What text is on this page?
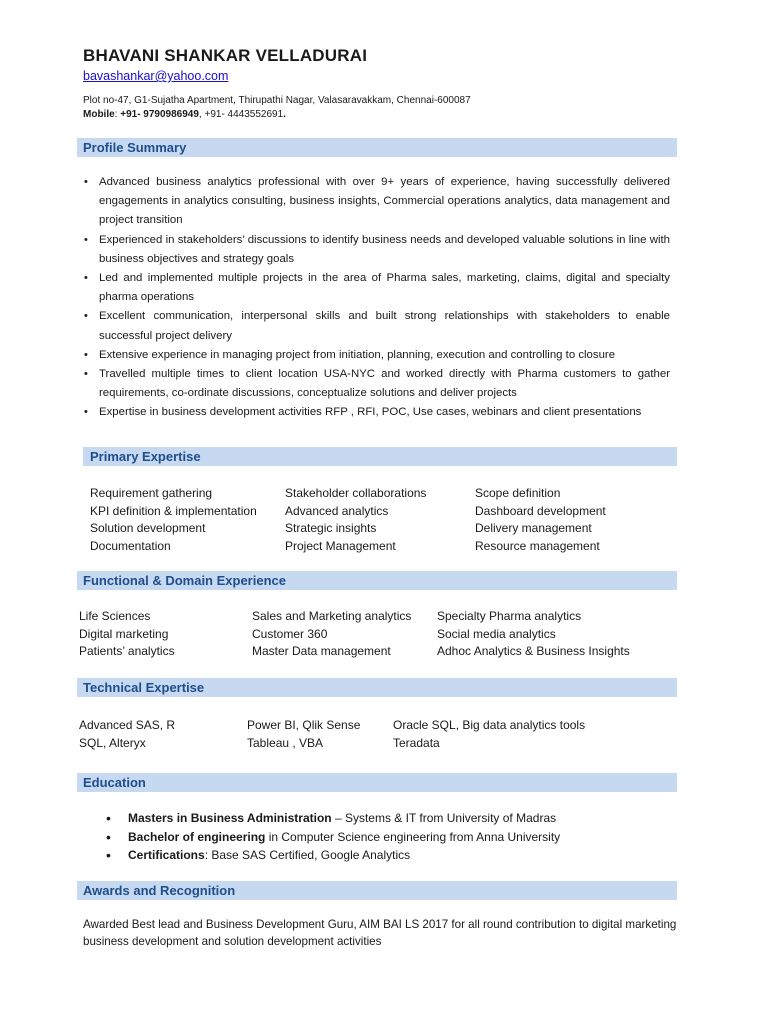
BHAVANI SHANKAR VELLADURAI
bavashankar@yahoo.com
Plot no-47, G1-Sujatha Apartment, Thirupathi Nagar, Valasaravakkam, Chennai-600087
Mobile: +91- 9790986949, +91- 4443552691.
Profile Summary
• Advanced business analytics professional with over 9+ years of experience, having successfully delivered engagements in analytics consulting, business insights, Commercial operations analytics, data management and project transition
• Experienced in stakeholders’ discussions to identify business needs and developed valuable solutions in line with business objectives and strategy goals
• Led and implemented multiple projects in the area of Pharma sales, marketing, claims, digital and specialty pharma operations
• Excellent communication, interpersonal skills and built strong relationships with stakeholders to enable successful project delivery
• Extensive experience in managing project from initiation, planning, execution and controlling to closure
• Travelled multiple times to client location USA-NYC and worked directly with Pharma customers to gather requirements, co-ordinate discussions, conceptualize solutions and deliver projects
• Expertise in business development activities RFP , RFI, POC, Use cases, webinars and client presentations
Primary Expertise
Requirement gathering
KPI definition & implementation
Solution development
Documentation
Stakeholder collaborations
Advanced analytics
Strategic insights
Project Management
Scope definition
Dashboard development
Delivery management
Resource management
Functional & Domain Experience
Life Sciences
Digital marketing
Patients’ analytics
Sales and Marketing analytics
Customer 360
Master Data management
Specialty Pharma analytics
Social media analytics
Adhoc Analytics & Business Insights
Technical Expertise
Advanced SAS, R
SQL, Alteryx
Power BI, Qlik Sense
Tableau , VBA
Oracle SQL, Big data analytics tools
Teradata
Education
• Masters in Business Administration – Systems & IT from University of Madras
• Bachelor of engineering in Computer Science engineering from Anna University
• Certifications: Base SAS Certified, Google Analytics
Awards and Recognition
Awarded Best lead and Business Development Guru, AIM BAI LS 2017 for all round contribution to digital marketing business development and solution development activities
